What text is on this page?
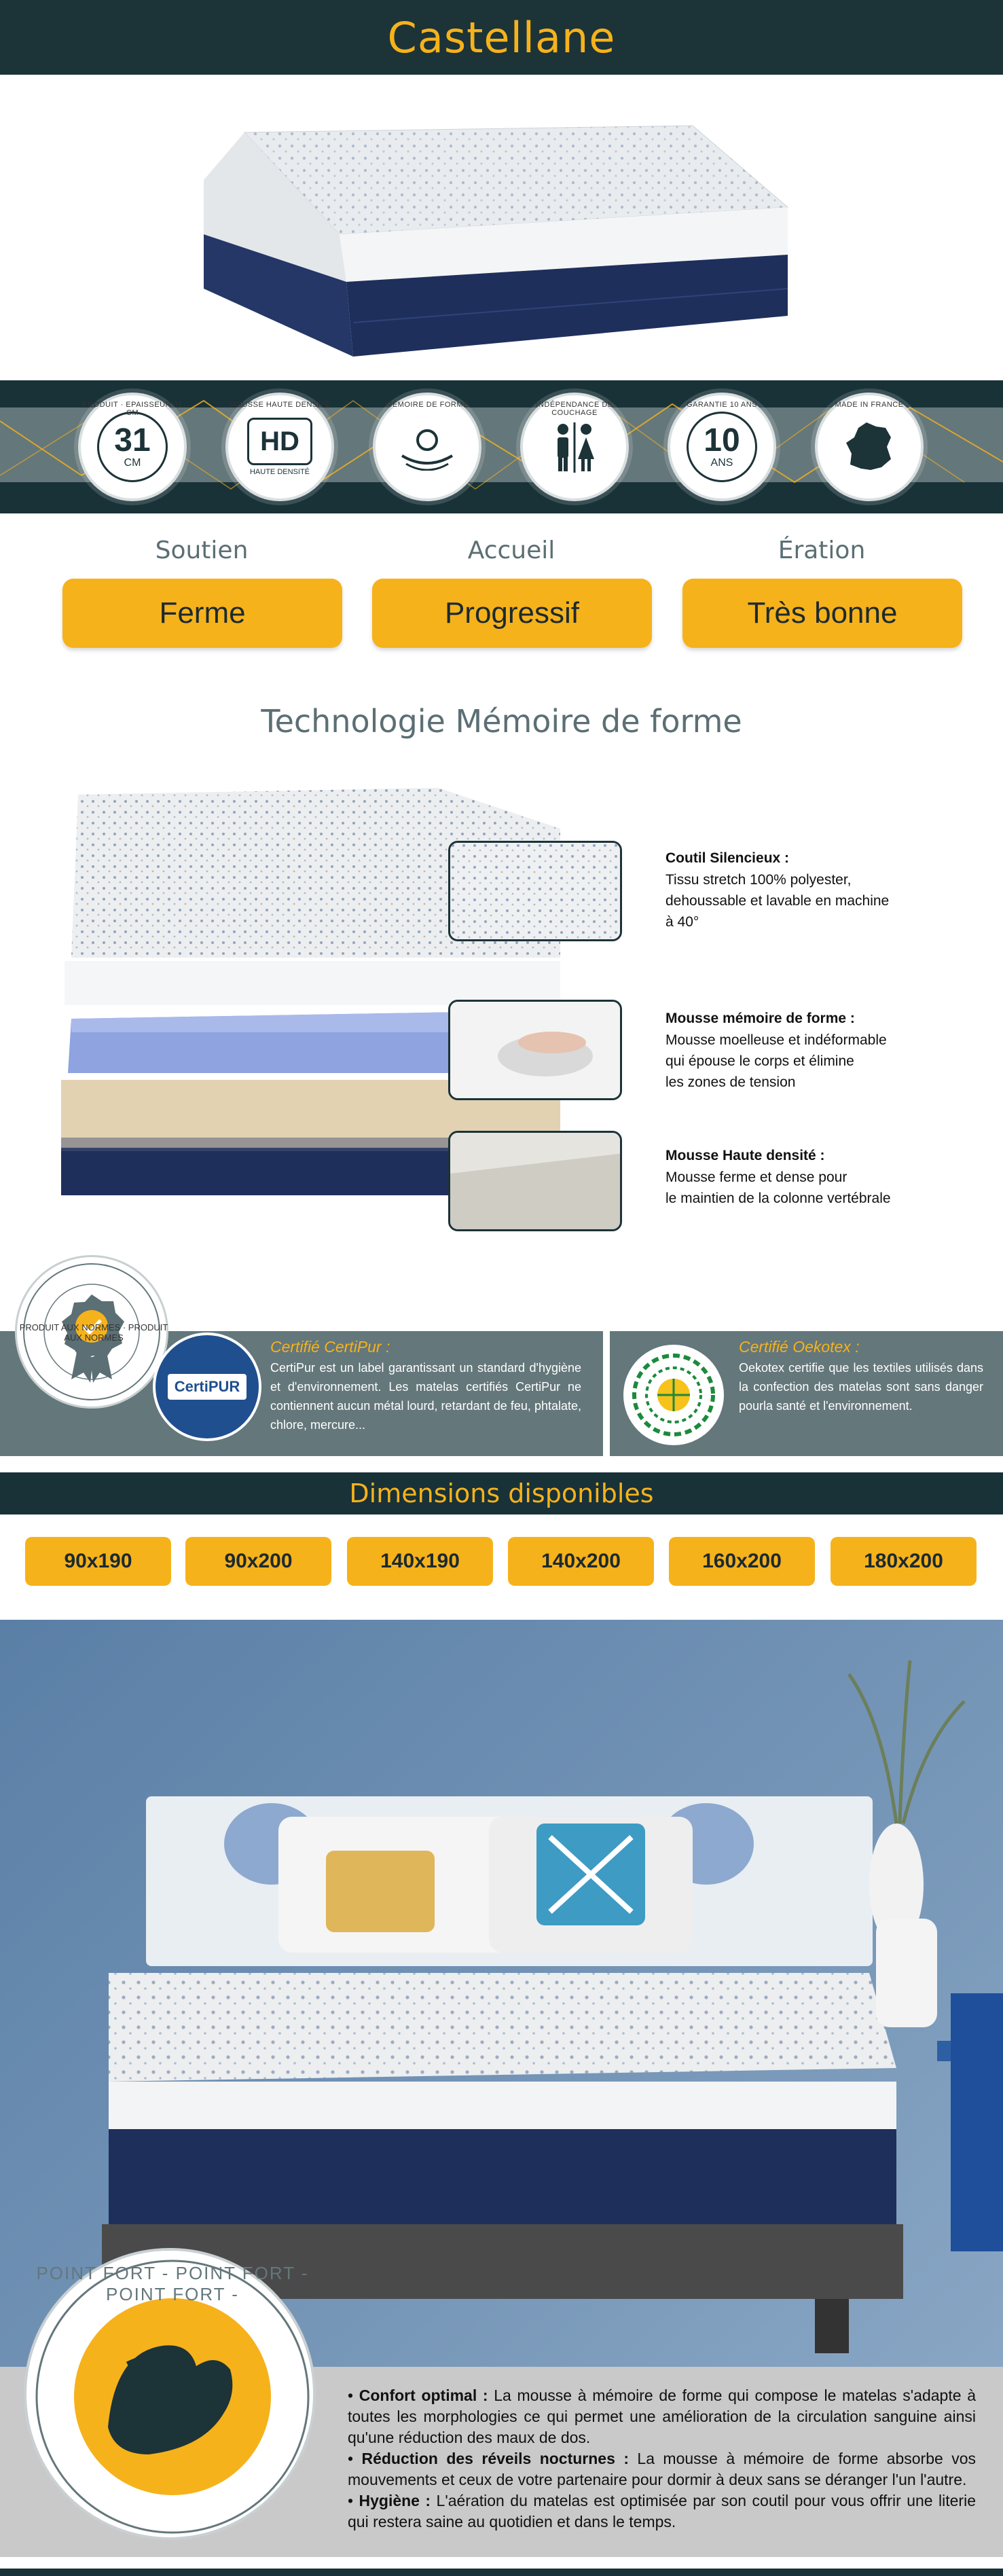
Castellane
PRODUIT · EPAISSEUR 31 CM
31
CM
MOUSSE HAUTE DENSITÉ
HD
HAUTE DENSITÉ
MÉMOIRE DE FORME	INDÉPENDANCE DE COUCHAGE
GARANTIE 10 ANS
10
ANS
MADE IN FRANCE
Soutien	Accueil	Ération
Ferme	Progressif	Très bonne
Technologie Mémoire de forme
Coutil Silencieux :
Tissu stretch 100% polyester,
dehoussable et lavable en machine
à 40°
Mousse mémoire de forme :
Mousse moelleuse et indéformable
qui épouse le corps et élimine
les zones de tension
Mousse Haute densité :
Mousse ferme et dense pour
le maintien de la colonne vertébrale
PRODUIT AUX NORMES · PRODUIT AUX NORMES
CertiPUR
Certifié CertiPur :
CertiPur est un label garantissant un standard d'hygiène et d'environnement. Les matelas certifiés CertiPur ne contiennent aucun métal lourd, retardant de feu, phtalate, chlore, mercure...
Certifié Oekotex :
Oekotex certifie que les textiles utilisés dans la confection des matelas sont sans danger pourla santé et l'environnement.
Dimensions disponibles
90x190	90x200	140x190	140x200	160x200	180x200
POINT FORT - POINT FORT - POINT FORT -
• Confort optimal : La mousse à mémoire de forme qui compose le matelas s'adapte à toutes les morphologies ce qui permet une amélioration de la circulation sanguine ainsi qu'une réduction des maux de dos.
• Réduction des réveils nocturnes : La mousse à mémoire de forme absorbe vos mouvements et ceux de votre partenaire pour dormir à deux sans se déranger l'un l'autre.
• Hygiène : L'aération du matelas est optimisée par son coutil pour vous offrir une literie qui restera saine au quotidien et dans le temps.
